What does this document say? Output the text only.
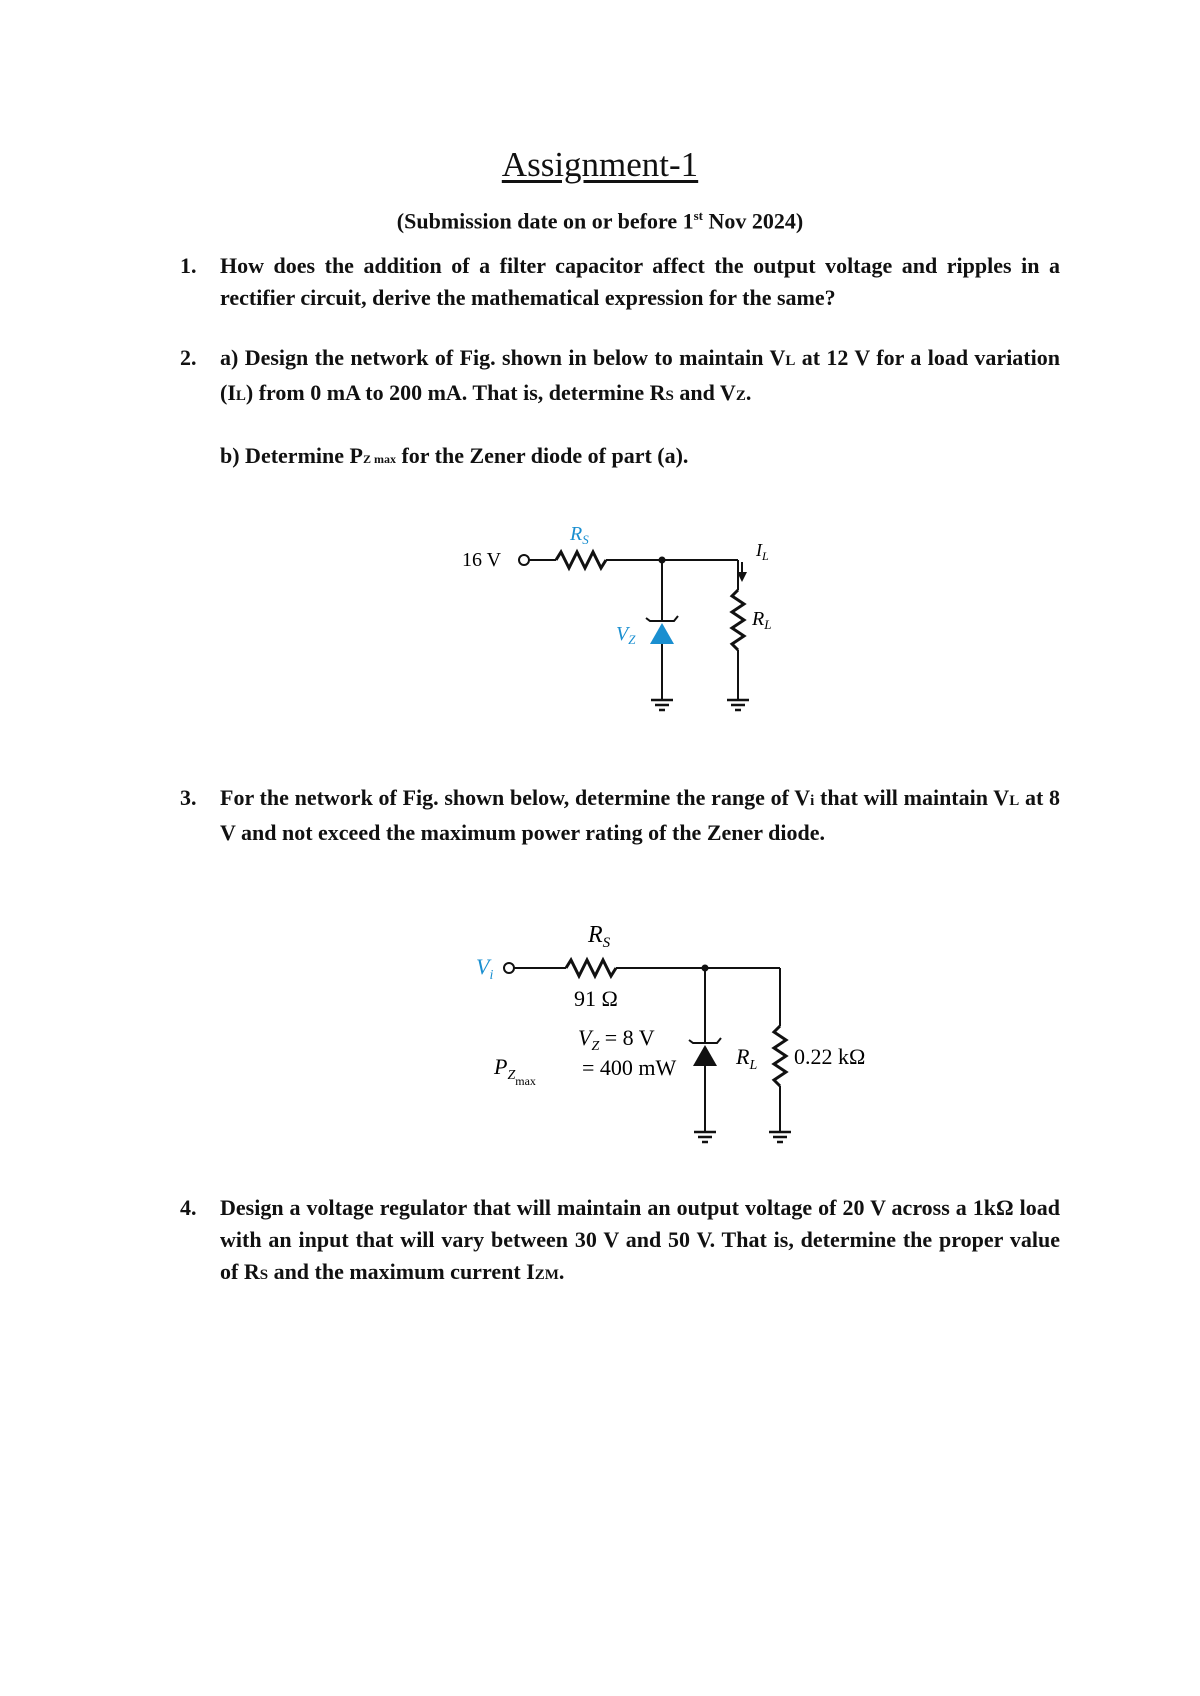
Assignment-1
(Submission date on or before 1st Nov 2024)
1.	How does the addition of a filter capacitor affect the output voltage and ripples in a rectifier circuit, derive the mathematical expression for the same?
2.	a) Design the network of Fig. shown in below to maintain VL at 12 V for a load variation (IL) from 0 mA to 200 mA. That is, determine RS and VZ.
b) Determine PZ max for the Zener diode of part (a).
16 V
$R_S$
$V_Z$
$R_L$
$I_L$
3.	For the network of Fig. shown below, determine the range of Vi that will maintain VL at 8 V and not exceed the maximum power rating of the Zener diode.
$V_i$
$R_S$
91 Ω
$V_Z = 8$ V
$P_{Zmax}$
= 400 mW	$R_L$ 0.22 kΩ
4.	Design a voltage regulator that will maintain an output voltage of 20 V across a 1kΩ load with an input that will vary between 30 V and 50 V. That is, determine the proper value of RS and the maximum current IZM.
